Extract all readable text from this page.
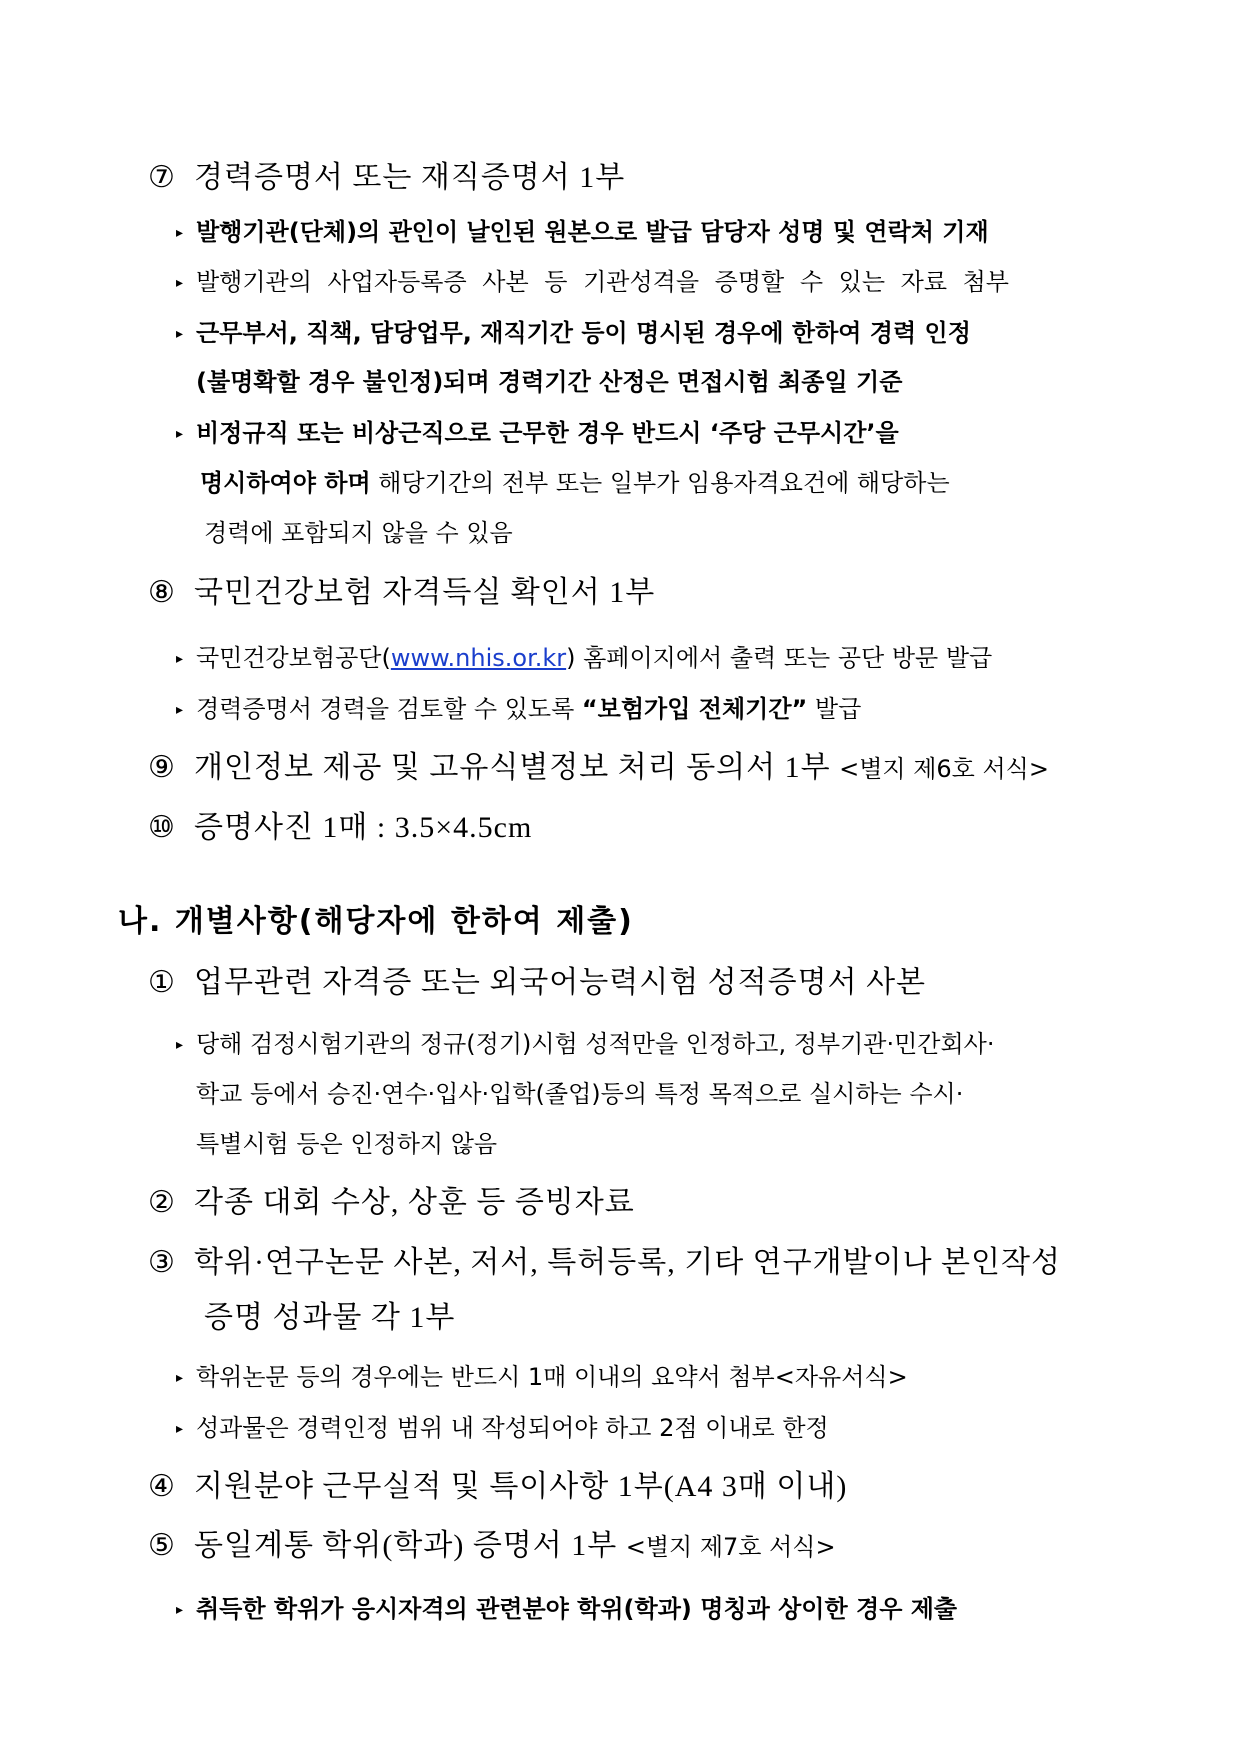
⑦ 경력증명서 또는 재직증명서 1부
▸ 발행기관(단체)의 관인이 날인된 원본으로 발급 담당자 성명 및 연락처 기재
▸ 발행기관의 사업자등록증 사본 등 기관성격을 증명할 수 있는 자료 첨부
▸ 근무부서, 직책, 담당업무, 재직기간 등이 명시된 경우에 한하여 경력 인정
(불명확할 경우 불인정)되며 경력기간 산정은 면접시험 최종일 기준
▸ 비정규직 또는 비상근직으로 근무한 경우 반드시 ‘주당 근무시간’을
명시하여야 하며 해당기간의 전부 또는 일부가 임용자격요건에 해당하는
경력에 포함되지 않을 수 있음
⑧ 국민건강보험 자격득실 확인서 1부
▸ 국민건강보험공단(www.nhis.or.kr) 홈페이지에서 출력 또는 공단 방문 발급
▸ 경력증명서 경력을 검토할 수 있도록 “보험가입 전체기간” 발급
⑨ 개인정보 제공 및 고유식별정보 처리 동의서 1부 <별지 제6호 서식>
⑩ 증명사진 1매 : 3.5×4.5cm
나. 개별사항(해당자에 한하여 제출)
① 업무관련 자격증 또는 외국어능력시험 성적증명서 사본
▸ 당해 검정시험기관의 정규(정기)시험 성적만을 인정하고, 정부기관·민간회사·
학교 등에서 승진·연수·입사·입학(졸업)등의 특정 목적으로 실시하는 수시·
특별시험 등은 인정하지 않음
② 각종 대회 수상, 상훈 등 증빙자료
③ 학위·연구논문 사본, 저서, 특허등록, 기타 연구개발이나 본인작성
증명 성과물 각 1부
▸ 학위논문 등의 경우에는 반드시 1매 이내의 요약서 첨부<자유서식>
▸ 성과물은 경력인정 범위 내 작성되어야 하고 2점 이내로 한정
④ 지원분야 근무실적 및 특이사항 1부(A4 3매 이내)
⑤ 동일계통 학위(학과) 증명서 1부 <별지 제7호 서식>
▸ 취득한 학위가 응시자격의 관련분야 학위(학과) 명칭과 상이한 경우 제출
